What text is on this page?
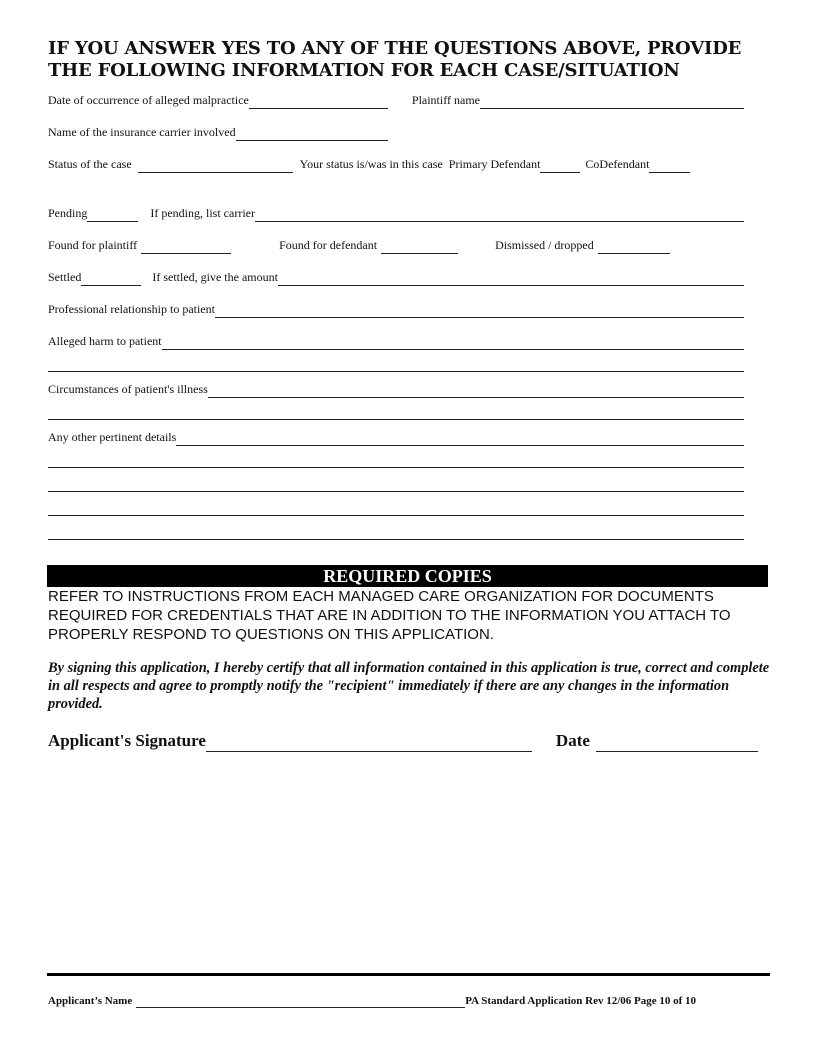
IF YOU ANSWER YES TO ANY OF THE QUESTIONS ABOVE, PROVIDE THE FOLLOWING INFORMATION FOR EACH CASE/SITUATION
Date of occurrence of alleged malpractice	Plaintiff name
Name of the insurance carrier involved
Status of the case	Your status is/was in this case Primary Defendant	CoDefendant
Pending	If pending, list carrier
Found for plaintiff	Found for defendant	Dismissed / dropped
Settled	If settled, give the amount
Professional relationship to patient
Alleged harm to patient
Circumstances of patient's illness
Any other pertinent details
REQUIRED COPIES
REFER TO INSTRUCTIONS FROM EACH MANAGED CARE ORGANIZATION FOR DOCUMENTS REQUIRED FOR CREDENTIALS THAT ARE IN ADDITION TO THE INFORMATION YOU ATTACH TO PROPERLY RESPOND TO QUESTIONS ON THIS APPLICATION.
By signing this application, I hereby certify that all information contained in this application is true, correct and complete in all respects and agree to promptly notify the "recipient" immediately if there are any changes in the information provided.
Applicant's Signature	Date
Applicant’s Name	PA Standard Application Rev 12/06 Page 10 of 10
